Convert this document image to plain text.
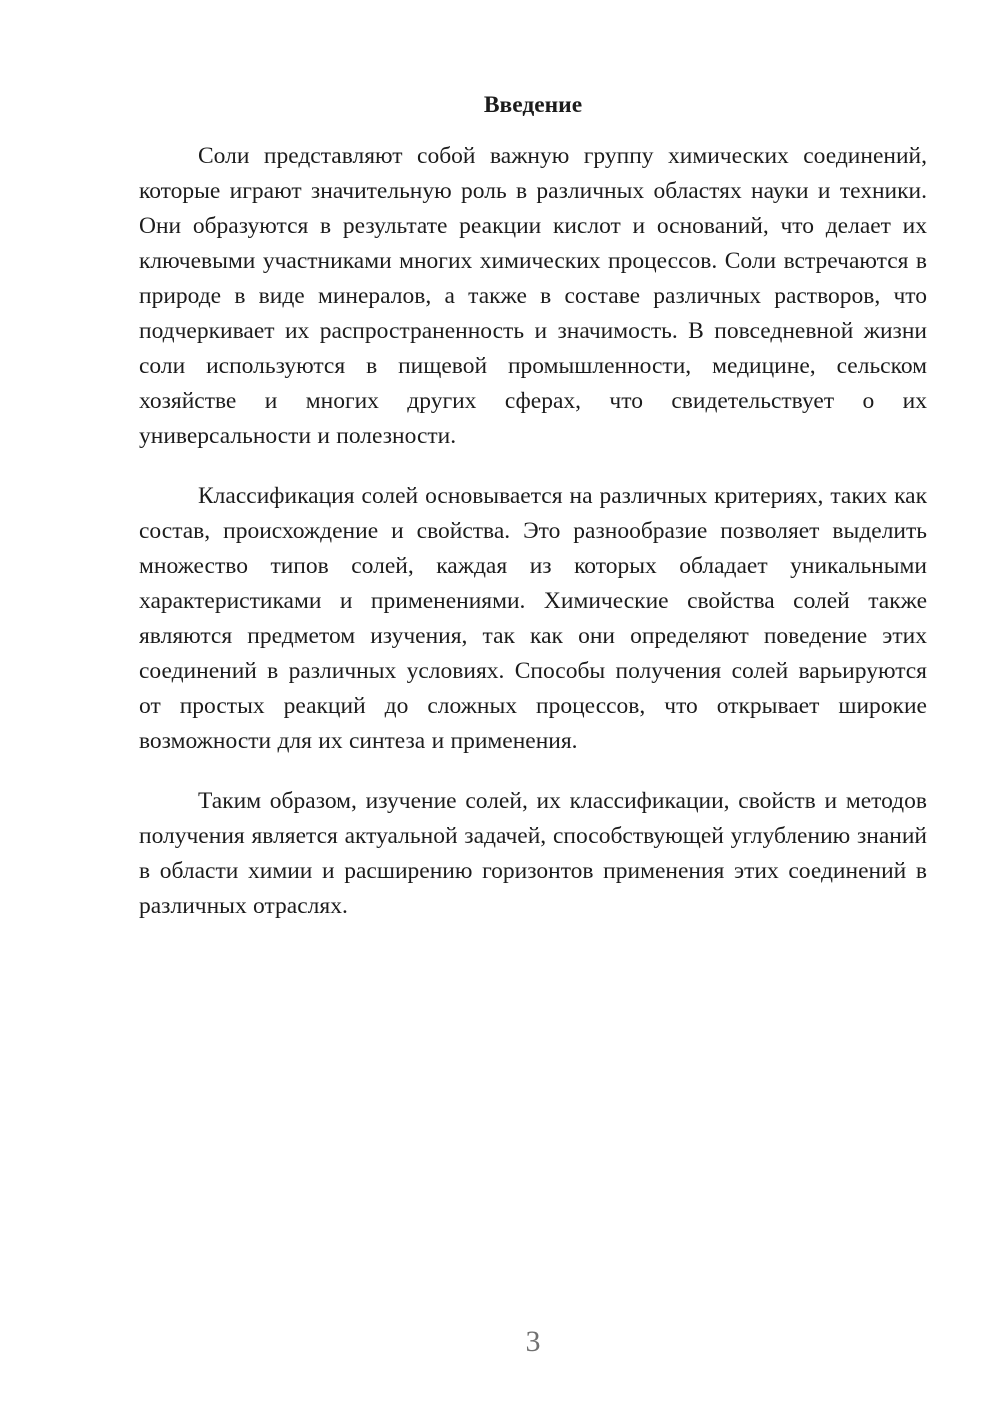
Введение

Соли представляют собой важную группу химических соединений, которые играют значительную роль в различных областях науки и техники. Они образуются в результате реакции кислот и оснований, что делает их ключевыми участниками многих химических процессов. Соли встречаются в природе в виде минералов, а также в составе различных растворов, что подчеркивает их распространенность и значимость. В повседневной жизни соли используются в пищевой промышленности, медицине, сельском хозяйстве и многих других сферах, что свидетельствует о их универсальности и полезности.

Классификация солей основывается на различных критериях, таких как состав, происхождение и свойства. Это разнообразие позволяет выделить множество типов солей, каждая из которых обладает уникальными характеристиками и применениями. Химические свойства солей также являются предметом изучения, так как они определяют поведение этих соединений в различных условиях. Способы получения солей варьируются от простых реакций до сложных процессов, что открывает широкие возможности для их синтеза и применения.

Таким образом, изучение солей, их классификации, свойств и методов получения является актуальной задачей, способствующей углублению знаний в области химии и расширению горизонтов применения этих соединений в различных отраслях.

3
